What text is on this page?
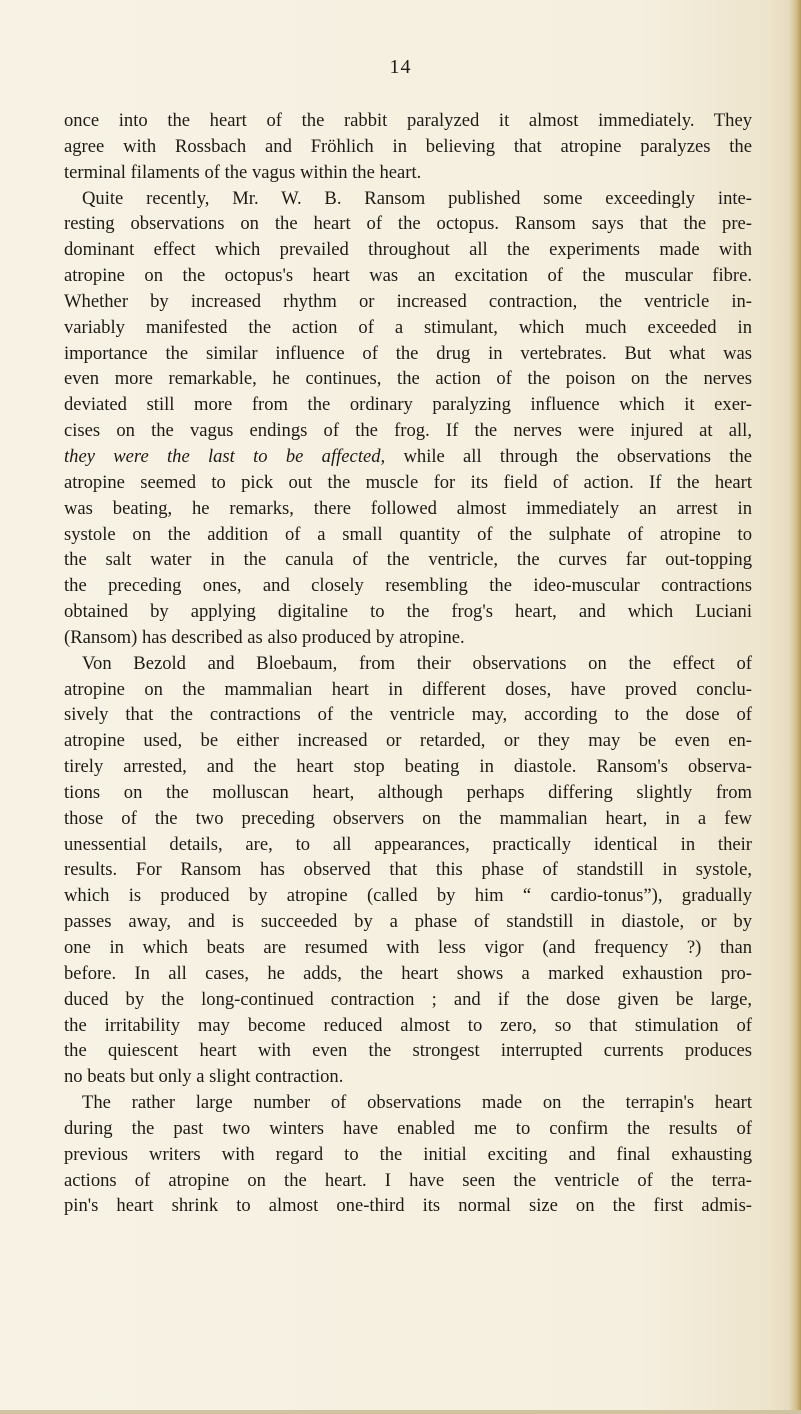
14
once into the heart of the rabbit paralyzed it almost immediately. They
agree with Rossbach and Fröhlich in believing that atropine paralyzes the
terminal filaments of the vagus within the heart.
Quite recently, Mr. W. B. Ransom published some exceedingly inte-
resting observations on the heart of the octopus. Ransom says that the pre-
dominant effect which prevailed throughout all the experiments made with
atropine on the octopus's heart was an excitation of the muscular fibre.
Whether by increased rhythm or increased contraction, the ventricle in-
variably manifested the action of a stimulant, which much exceeded in
importance the similar influence of the drug in vertebrates. But what was
even more remarkable, he continues, the action of the poison on the nerves
deviated still more from the ordinary paralyzing influence which it exer-
cises on the vagus endings of the frog. If the nerves were injured at all,
they were the last to be affected, while all through the observations the
atropine seemed to pick out the muscle for its field of action. If the heart
was beating, he remarks, there followed almost immediately an arrest in
systole on the addition of a small quantity of the sulphate of atropine to
the salt water in the canula of the ventricle, the curves far out-topping
the preceding ones, and closely resembling the ideo-muscular contractions
obtained by applying digitaline to the frog's heart, and which Luciani
(Ransom) has described as also produced by atropine.
Von Bezold and Bloebaum, from their observations on the effect of
atropine on the mammalian heart in different doses, have proved conclu-
sively that the contractions of the ventricle may, according to the dose of
atropine used, be either increased or retarded, or they may be even en-
tirely arrested, and the heart stop beating in diastole. Ransom's observa-
tions on the molluscan heart, although perhaps differing slightly from
those of the two preceding observers on the mammalian heart, in a few
unessential details, are, to all appearances, practically identical in their
results. For Ransom has observed that this phase of standstill in systole,
which is produced by atropine (called by him “ cardio-tonus”), gradually
passes away, and is succeeded by a phase of standstill in diastole, or by
one in which beats are resumed with less vigor (and frequency ?) than
before. In all cases, he adds, the heart shows a marked exhaustion pro-
duced by the long-continued contraction ; and if the dose given be large,
the irritability may become reduced almost to zero, so that stimulation of
the quiescent heart with even the strongest interrupted currents produces
no beats but only a slight contraction.
The rather large number of observations made on the terrapin's heart
during the past two winters have enabled me to confirm the results of
previous writers with regard to the initial exciting and final exhausting
actions of atropine on the heart. I have seen the ventricle of the terra-
pin's heart shrink to almost one-third its normal size on the first admis-
